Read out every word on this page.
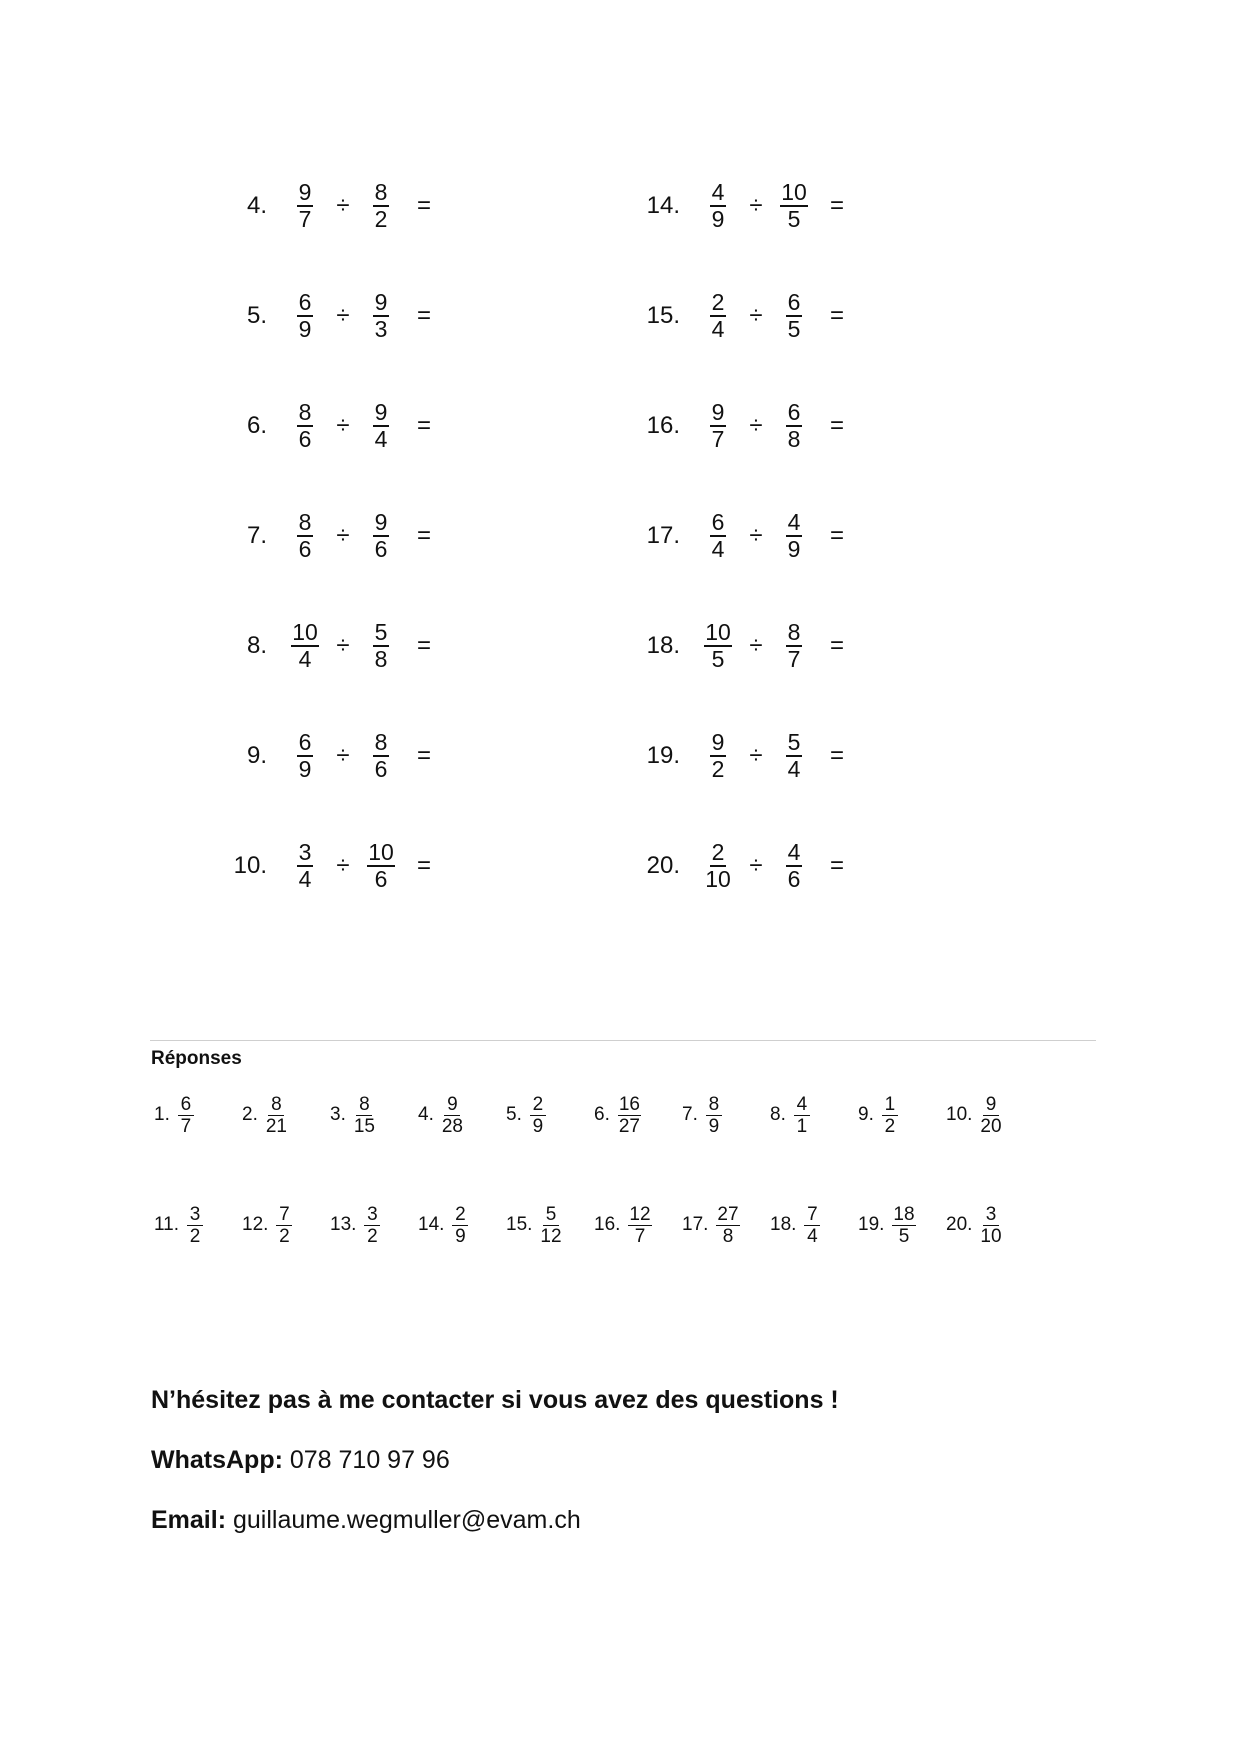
4. $\frac{9}{7}$ ÷	$\frac{8}{2}$ =
5. $\frac{6}{9}$ ÷	$\frac{9}{3}$ =
6. $\frac{8}{6}$ ÷	$\frac{9}{4}$ =
7. $\frac{8}{6}$ ÷	$\frac{9}{6}$ =
8. $\frac{10}{4}$ ÷	$\frac{5}{8}$ =
9. $\frac{6}{9}$ ÷	$\frac{8}{6}$ =
10. $\frac{3}{4} \div \frac{10}{6}$ =
14. $\frac{4}{9} \div \frac{10}{5}$ =
15. $\frac{2}{4}$ ÷	$\frac{6}{5}$ =
16. $\frac{9}{7}$ ÷	$\frac{6}{8}$ =
17. $\frac{6}{4}$ ÷	$\frac{4}{9}$ =
18. $\frac{10}{5}$ ÷	$\frac{8}{7}$ =
19. $\frac{9}{2}$ ÷	$\frac{5}{4}$ =
20. $\frac{2}{10}$ ÷	$\frac{4}{6}$ =
Réponses
1. $\frac{6}{7}$	2. $\frac{8}{21} 3$. $\frac{8}{15} 4$. $\frac{9}{28} 5$. $\frac{2}{9}$	6. $\frac{16}{27} 7$. $\frac{8}{9}$	8. $\frac{4}{1}$	9. $\frac{1}{2}$	10. $\frac{9}{20}$
11. $\frac{3}{2} 12$. $\frac{7}{2} 13$. $\frac{3}{2} 14$. $\frac{2}{9} 15$. $\frac{5}{12} 16$. $\frac{12}{7} 17$. $\frac{27}{8} 18$. $\frac{7}{4} 19$. $\frac{18}{5} 20$. $\frac{3}{10}$
N’hésitez pas à me contacter si vous avez des questions !
WhatsApp: 078 710 97 96
Email: guillaume.wegmuller@evam.ch
